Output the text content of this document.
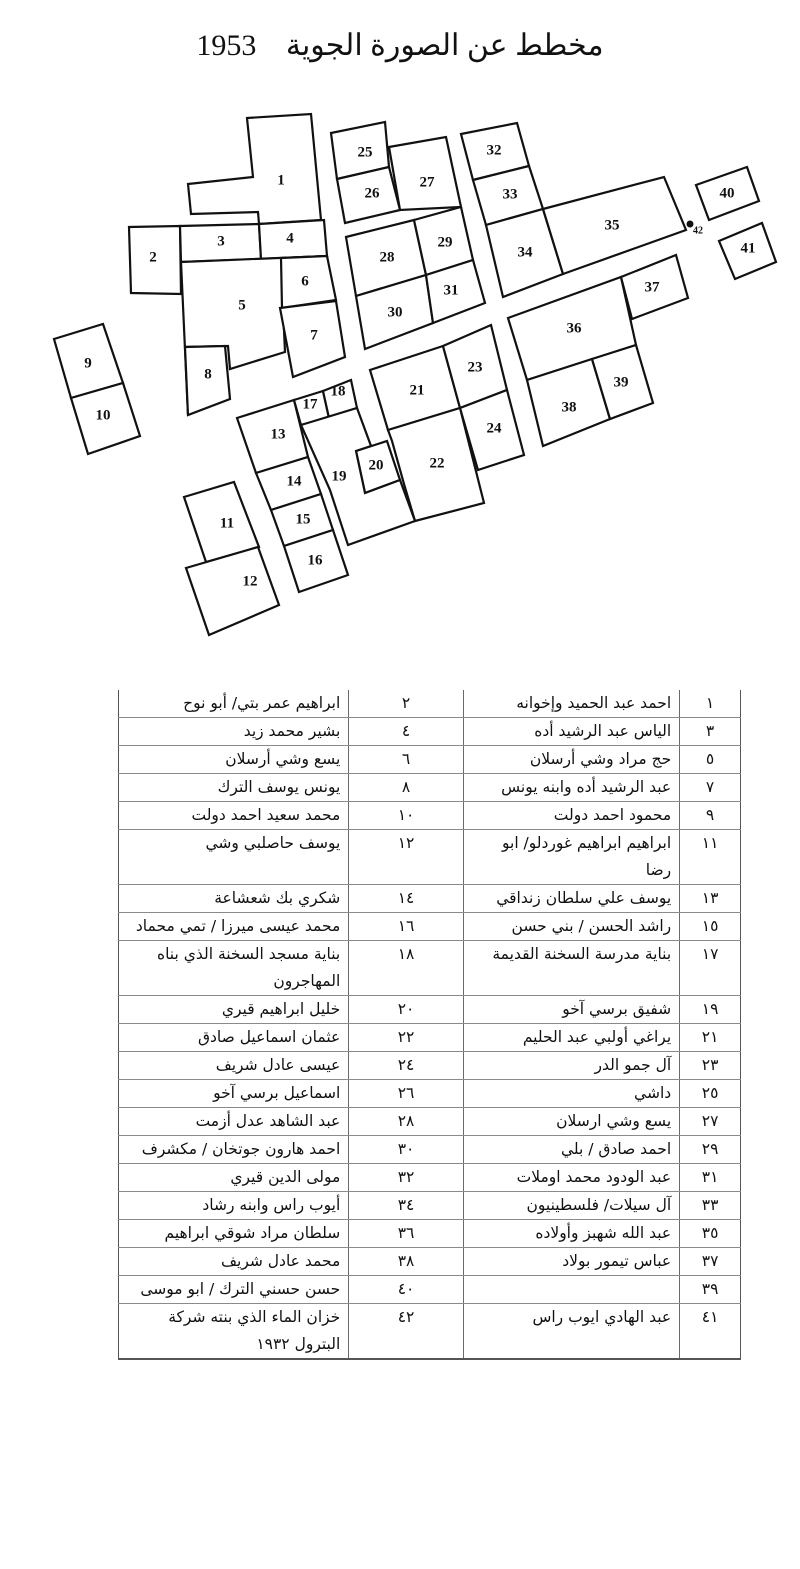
مخطط عن الصورة الجوية 1953
1
2
3	4
5
6
7
8
9
10
25
26
27
28
29
30
31
32
33
34
35	42
40
41
36
37
38
39
21
23
24
22
20
13
17
18
19
14
15
16
11
12
١	احمد عبد الحميد وإخوانه	٢	ابراهيم عمر بتي/ أبو نوح
٣	الياس عبد الرشيد أده	٤	بشير محمد زيد
٥	حج مراد وشي أرسلان	٦	يسع وشي أرسلان
٧	عبد الرشيد أده وابنه يونس	٨	يونس يوسف الترك
٩	محمود احمد دولت	١٠	محمد سعيد احمد دولت
١١	ابراهيم ابراهيم غوردلو/ ابو رضا	١٢	يوسف حاصلبي وشي
١٣	يوسف علي سلطان زنداقي	١٤	شكري بك شعشاعة
١٥	راشد الحسن / بني حسن	١٦	محمد عيسى ميرزا / تمي محماد
١٧	بناية مدرسة السخنة القديمة	١٨	بناية مسجد السخنة الذي بناه المهاجرون
١٩	شفيق برسي آخو	٢٠	خليل ابراهيم قيري
٢١	يراغي أولبي عبد الحليم	٢٢	عثمان اسماعيل صادق
٢٣	آل جمو الدر	٢٤	عيسى عادل شريف
٢٥	داشي	٢٦	اسماعيل برسي آخو
٢٧	يسع وشي ارسلان	٢٨	عبد الشاهد عدل أزمت
٢٩	احمد صادق / بلي	٣٠	احمد هارون جوتخان / مكشرف
٣١	عبد الودود محمد اوملات	٣٢	مولى الدين قيري
٣٣	آل سيلات/ فلسطينيون	٣٤	أيوب راس وابنه رشاد
٣٥	عبد الله شهبز وأولاده	٣٦	سلطان مراد شوقي ابراهيم
٣٧	عباس تيمور بولاد	٣٨	محمد عادل شريف
٣٩		٤٠	حسن حسني الترك / ابو موسى
٤١	عبد الهادي ايوب راس	٤٢	خزان الماء الذي بنته شركة البترول ١٩٣٢
